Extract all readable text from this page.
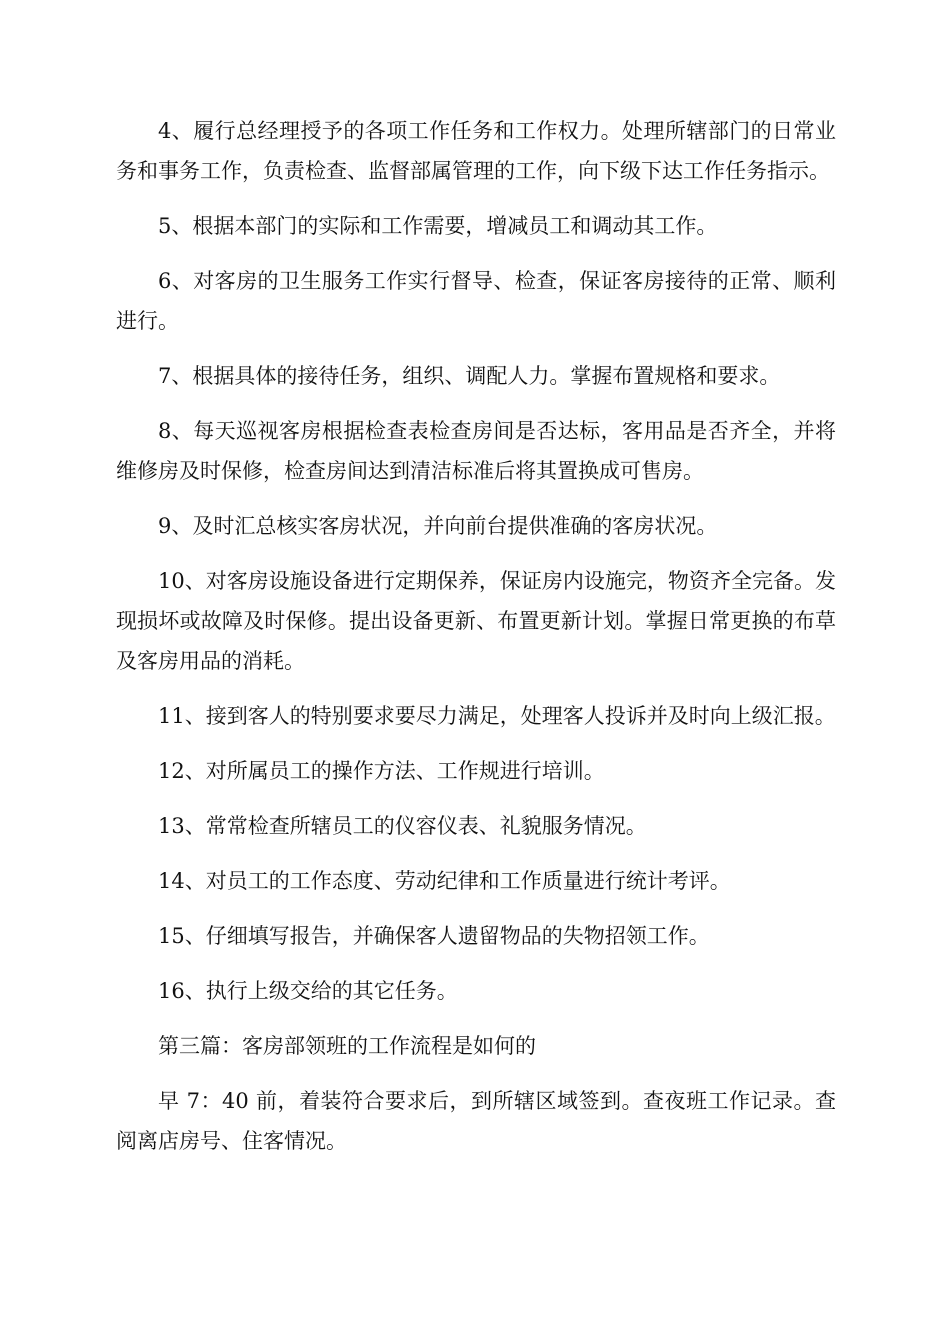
4、履行总经理授予的各项工作任务和工作权力。处理所辖部门的日常业务和事务工作，负责检查、监督部属管理的工作，向下级下达工作任务指示。

5、根据本部门的实际和工作需要，增减员工和调动其工作。

6、对客房的卫生服务工作实行督导、检查，保证客房接待的正常、顺利进行。

7、根据具体的接待任务，组织、调配人力。掌握布置规格和要求。

8、每天巡视客房根据检查表检查房间是否达标，客用品是否齐全，并将维修房及时保修，检查房间达到清洁标准后将其置换成可售房。

9、及时汇总核实客房状况，并向前台提供准确的客房状况。

10、对客房设施设备进行定期保养，保证房内设施完，物资齐全完备。发现损坏或故障及时保修。提出设备更新、布置更新计划。掌握日常更换的布草及客房用品的消耗。

11、接到客人的特别要求要尽力满足，处理客人投诉并及时向上级汇报。

12、对所属员工的操作方法、工作规进行培训。

13、常常检查所辖员工的仪容仪表、礼貌服务情况。

14、对员工的工作态度、劳动纪律和工作质量进行统计考评。

15、仔细填写报告，并确保客人遗留物品的失物招领工作。

16、执行上级交给的其它任务。

第三篇：客房部领班的工作流程是如何的

早 7：40 前，着装符合要求后，到所辖区域签到。查夜班工作记录。查阅离店房号、住客情况。
